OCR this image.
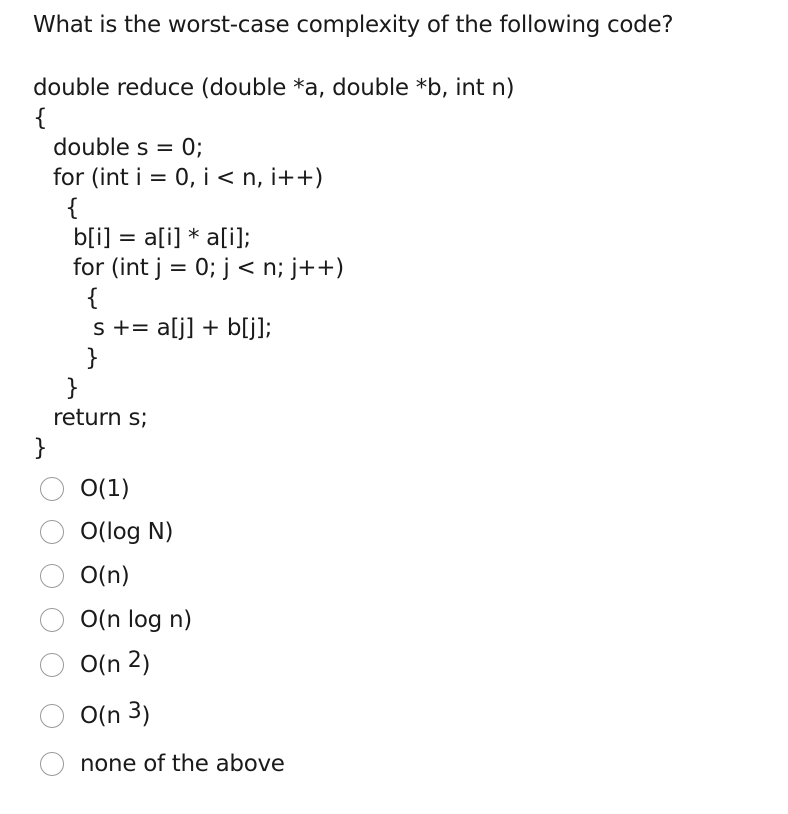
What is the worst-case complexity of the following code?
double reduce (double *a, double *b, int n)
{
double s = 0;
for (int i = 0, i < n, i++)
{
b[i] = a[i] * a[i];
for (int j = 0; j < n; j++)
{
s += a[j] + b[j];
}
}
return s;
}
O(1)
O(log N)
O(n)
O(n log n)
O(n $^2$)
O(n $^3$)
none of the above
